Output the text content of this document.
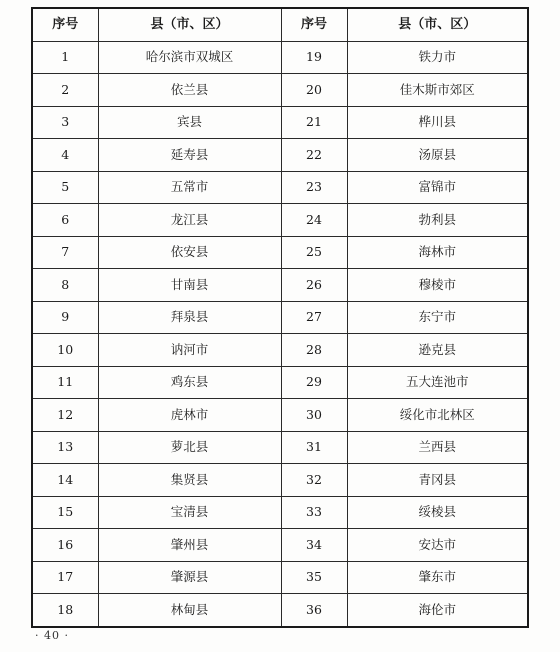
序号	县（市、区）	序号	县（市、区）
1	哈尔滨市双城区	19	铁力市
2	依兰县	20	佳木斯市郊区
3	宾县	21	桦川县
4	延寿县	22	汤原县
5	五常市	23	富锦市
6	龙江县	24	勃利县
7	依安县	25	海林市
8	甘南县	26	穆棱市
9	拜泉县	27	东宁市
10	讷河市	28	逊克县
11	鸡东县	29	五大连池市
12	虎林市	30	绥化市北林区
13	萝北县	31	兰西县
14	集贤县	32	青冈县
15	宝清县	33	绥棱县
16	肇州县	34	安达市
17	肇源县	35	肇东市
18	林甸县	36	海伦市
· 40 ·
